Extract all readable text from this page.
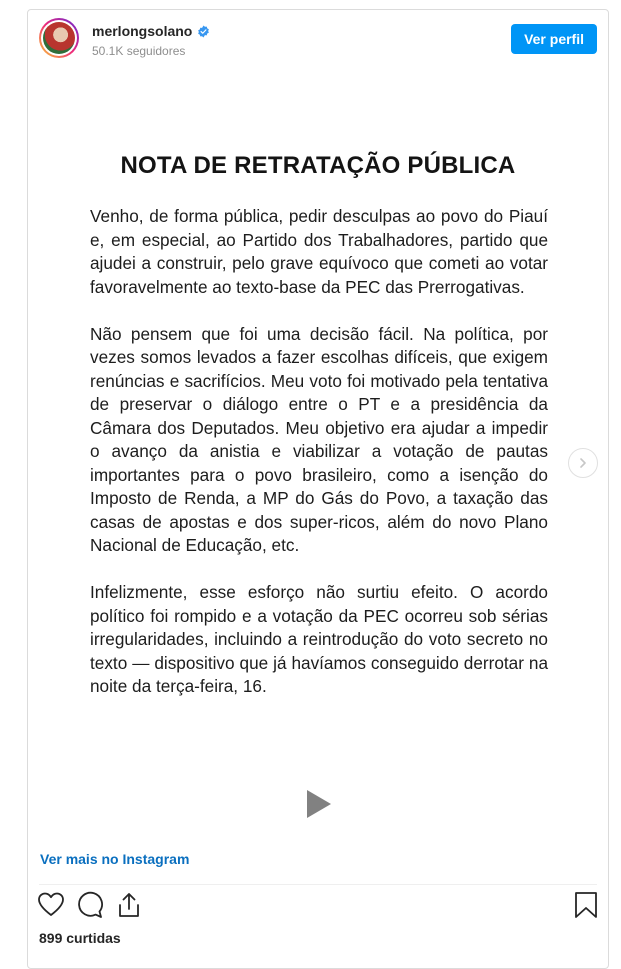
merlongsolano
50.1K seguidores
Ver perfil
NOTA DE RETRATAÇÃO PÚBLICA

Venho, de forma pública, pedir desculpas ao povo do Piauí e, em especial, ao Partido dos Trabalhadores, partido que ajudei a construir, pelo grave equívoco que cometi ao votar favoravelmente ao texto-base da PEC das Prerrogativas.

Não pensem que foi uma decisão fácil. Na política, por vezes somos levados a fazer escolhas difíceis, que exigem renúncias e sacrifícios. Meu voto foi motivado pela tentativa de preservar o diálogo entre o PT e a presidência da Câmara dos Deputados. Meu objetivo era ajudar a impedir o avanço da anistia e viabilizar a votação de pautas importantes para o povo brasileiro, como a isenção do Imposto de Renda, a MP do Gás do Povo, a taxação das casas de apostas e dos super-ricos, além do novo Plano Nacional de Educação, etc.

Infelizmente, esse esforço não surtiu efeito. O acordo político foi rompido e a votação da PEC ocorreu sob sérias irregularidades, incluindo a reintrodução do voto secreto no texto — dispositivo que já havíamos conseguido derrotar na noite da terça-feira, 16.

Ver mais no Instagram
899 curtidas
